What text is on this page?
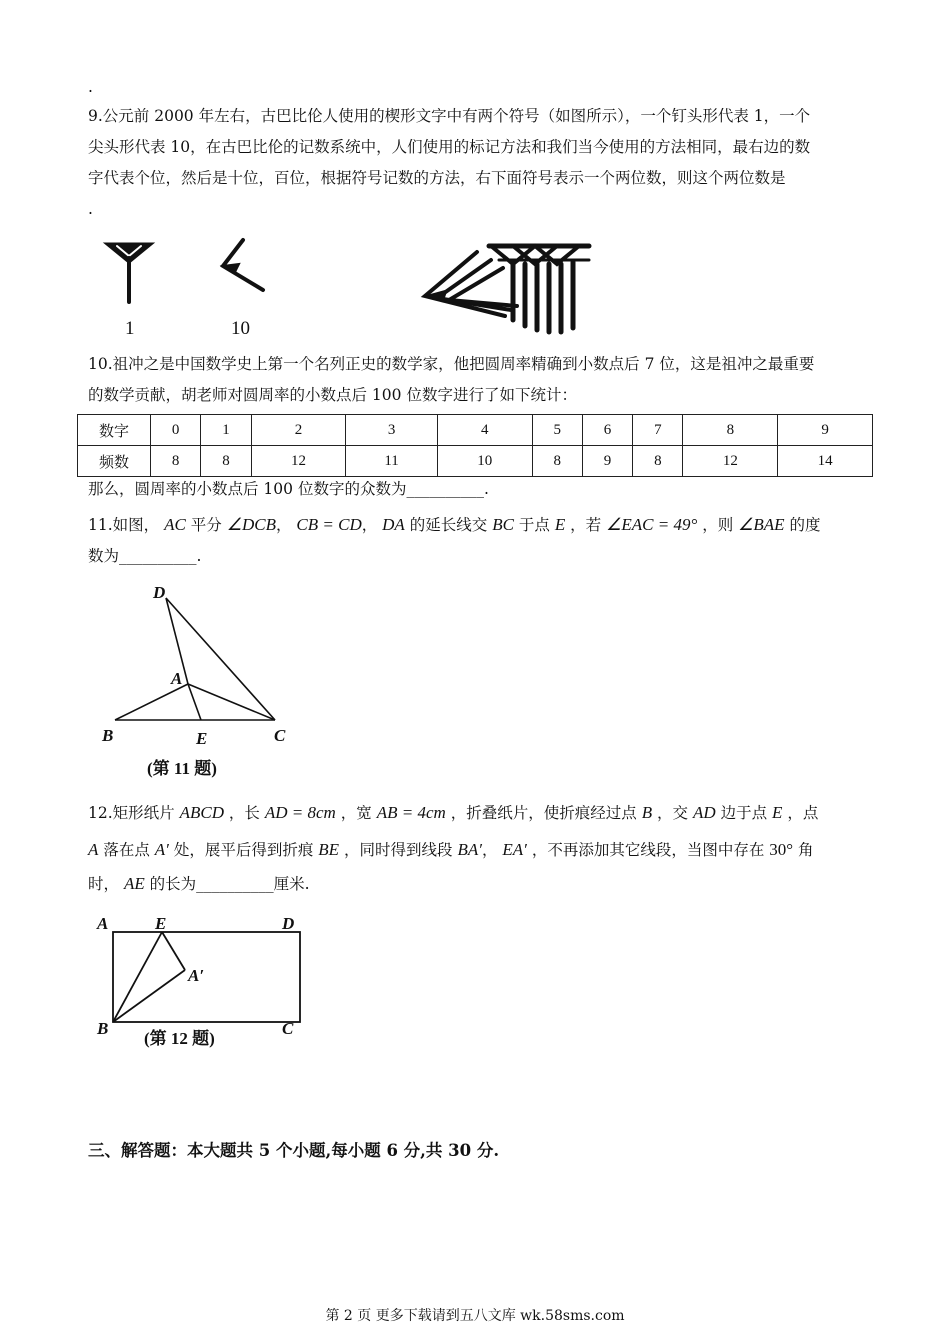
.
9.公元前 2000 年左右，古巴比伦人使用的楔形文字中有两个符号（如图所示），一个钉头形代表 1，一个
尖头形代表 10，在古巴比伦的记数系统中，人们使用的标记方法和我们当今使用的方法相同，最右边的数
字代表个位，然后是十位，百位，根据符号记数的方法，右下面符号表示一个两位数，则这个两位数是
.
1	10
10.祖冲之是中国数学史上第一个名列正史的数学家，他把圆周率精确到小数点后 7 位，这是祖冲之最重要
的数学贡献，胡老师对圆周率的小数点后 100 位数字进行了如下统计：
数字	0	1	2	3	4	5	6	7	8	9
频数	8	8	12	11	10	8	9	8	12	14
那么，圆周率的小数点后 100 位数字的众数为__________.
11.如图， AC 平分 ∠DCB， CB = CD， DA 的延长线交 BC 于点 E ，若 ∠EAC = 49° ，则 ∠BAE 的度
数为__________.
D
A
B	E	C
(第 11 题)
12.矩形纸片 ABCD ，长 AD = 8cm ，宽 AB = 4cm ，折叠纸片，使折痕经过点 B ，交 AD 边于点 E ，点
A 落在点 A′ 处，展平后得到折痕 BE ，同时得到线段 BA′， EA′ ，不再添加其它线段，当图中存在 30° 角
时， AE 的长为__________厘米.
A	E	D
A′
B	C
(第 12 题)
三、解答题：本大题共 5 个小题,每小题 6 分,共 30 分.
第 2 页 更多下载请到五八文库 wk.58sms.com
